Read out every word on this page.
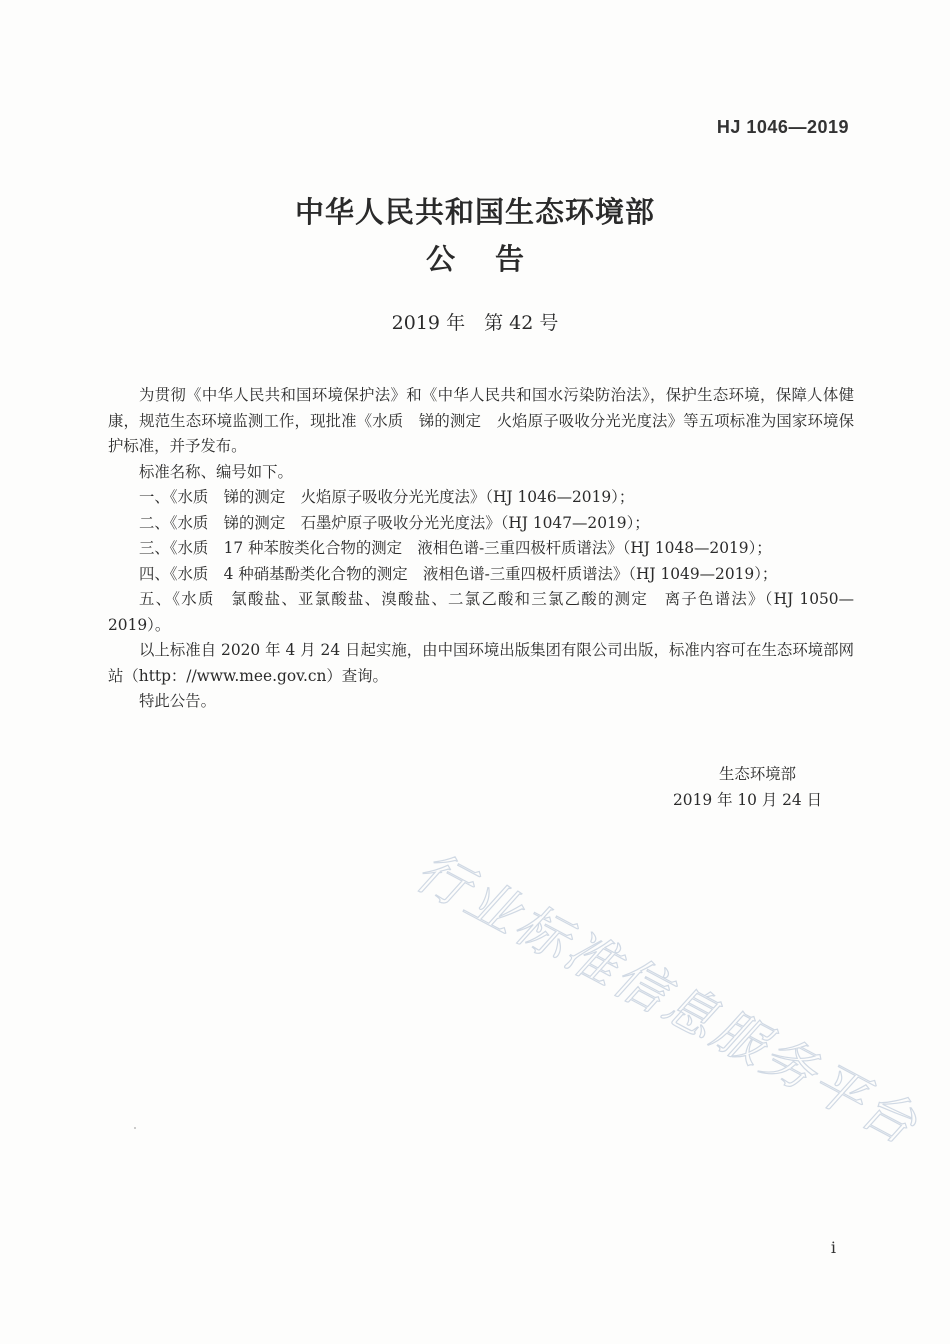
HJ 1046—2019
中华人民共和国生态环境部
公告
2019 年　第 42 号

为贯彻《中华人民共和国环境保护法》和《中华人民共和国水污染防治法》，保护生态环境，保障人体健康，规范生态环境监测工作，现批准《水质　锑的测定　火焰原子吸收分光光度法》等五项标准为国家环境保护标准，并予发布。

标准名称、编号如下。

一、《水质　锑的测定　火焰原子吸收分光光度法》（HJ 1046—2019）；

二、《水质　锑的测定　石墨炉原子吸收分光光度法》（HJ 1047—2019）；

三、《水质　17 种苯胺类化合物的测定　液相色谱-三重四极杆质谱法》（HJ 1048—2019）；

四、《水质　4 种硝基酚类化合物的测定　液相色谱-三重四极杆质谱法》（HJ 1049—2019）；

五、《水质　氯酸盐、亚氯酸盐、溴酸盐、二氯乙酸和三氯乙酸的测定　离子色谱法》（HJ 1050—2019）。

以上标准自 2020 年 4 月 24 日起实施，由中国环境出版集团有限公司出版，标准内容可在生态环境部网站（http：//www.mee.gov.cn）查询。

特此公告。

生态环境部
2019 年 10 月 24 日
行业标准信息服务平台
i
